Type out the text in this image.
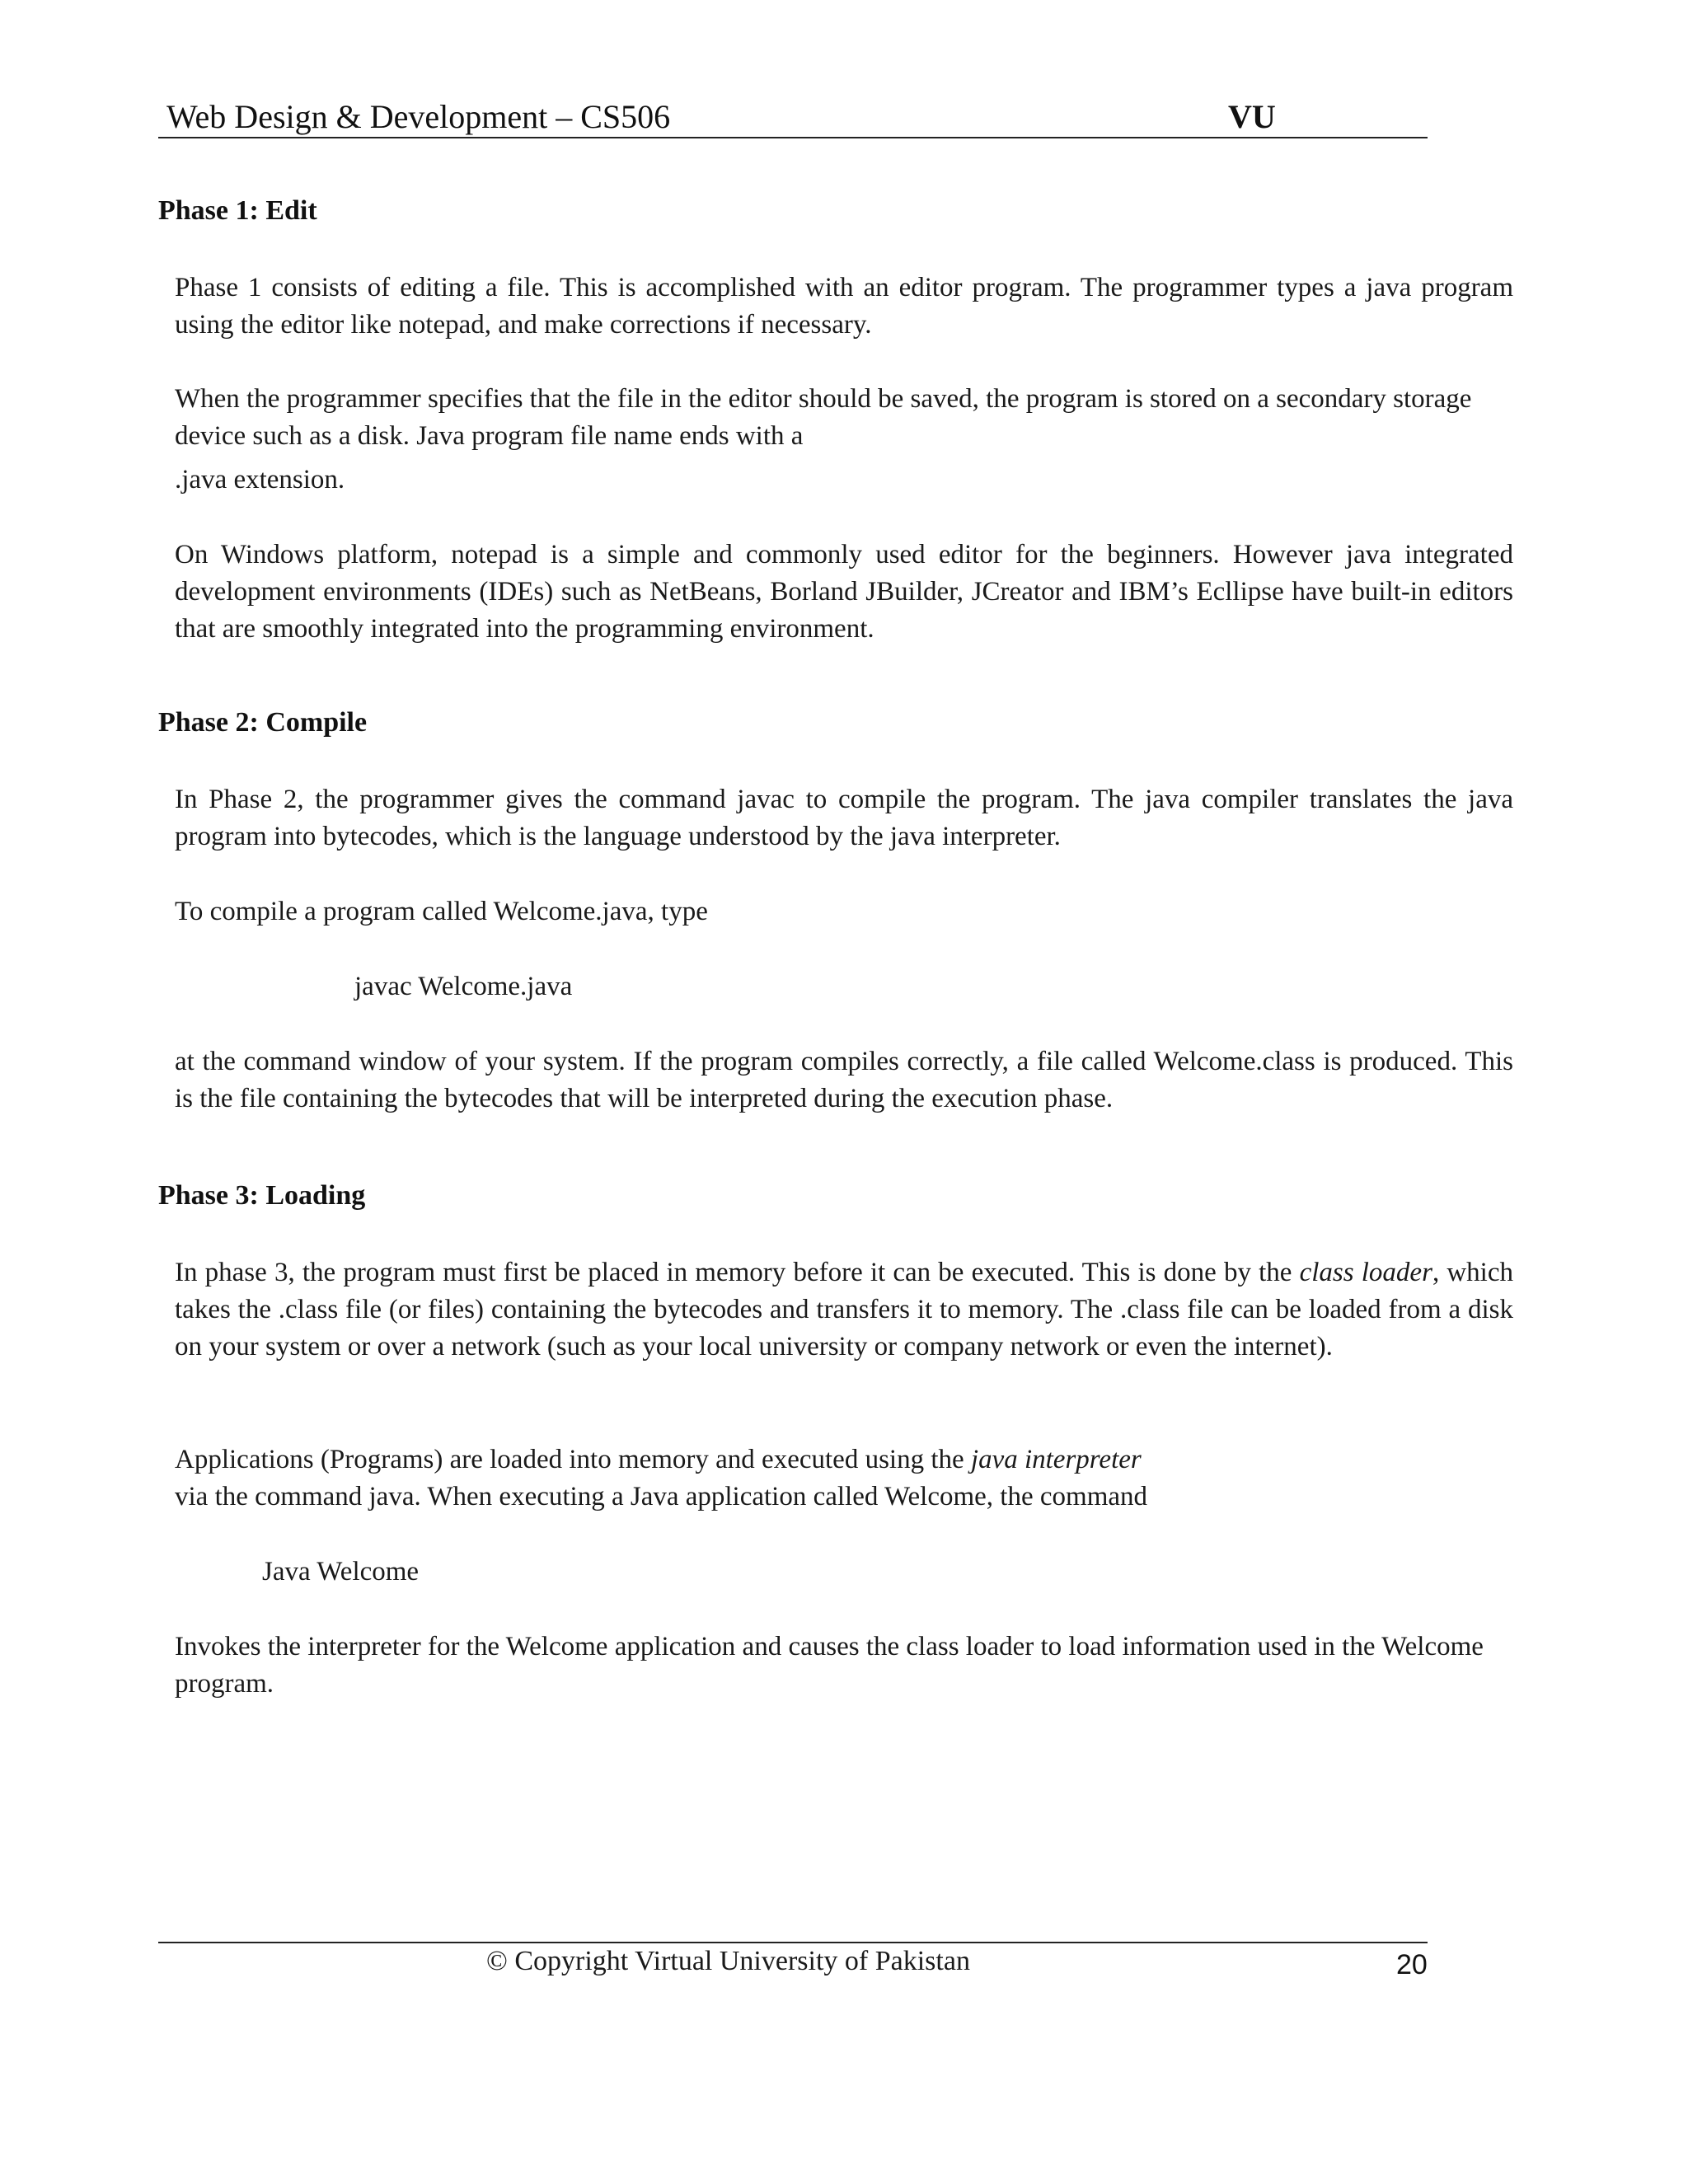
Web Design & Development – CS506	VU
Phase 1: Edit

Phase 1 consists of editing a file. This is accomplished with an editor program. The programmer types a java program using the editor like notepad, and make corrections if necessary.

When the programmer specifies that the file in the editor should be saved, the program is stored on a secondary storage device such as a disk. Java program file name ends with a

.java extension.

On Windows platform, notepad is a simple and commonly used editor for the beginners. However java integrated development environments (IDEs) such as NetBeans, Borland JBuilder, JCreator and IBM’s Ecllipse have built-in editors that are smoothly integrated into the programming environment.

Phase 2: Compile

In Phase 2, the programmer gives the command javac to compile the program. The java compiler translates the java program into bytecodes, which is the language understood by the java interpreter.

To compile a program called Welcome.java, type

javac Welcome.java

at the command window of your system. If the program compiles correctly, a file called Welcome.class is produced. This is the file containing the bytecodes that will be interpreted during the execution phase.

Phase 3: Loading

In phase 3, the program must first be placed in memory before it can be executed. This is done by the class loader, which takes the .class file (or files) containing the bytecodes and transfers it to memory. The .class file can be loaded from a disk on your system or over a network (such as your local university or company network or even the internet).

Applications (Programs) are loaded into memory and executed using the java interpreter

via the command java. When executing a Java application called Welcome, the command

Java Welcome

Invokes the interpreter for the Welcome application and causes the class loader to load information used in the Welcome program.

© Copyright Virtual University of Pakistan	20
